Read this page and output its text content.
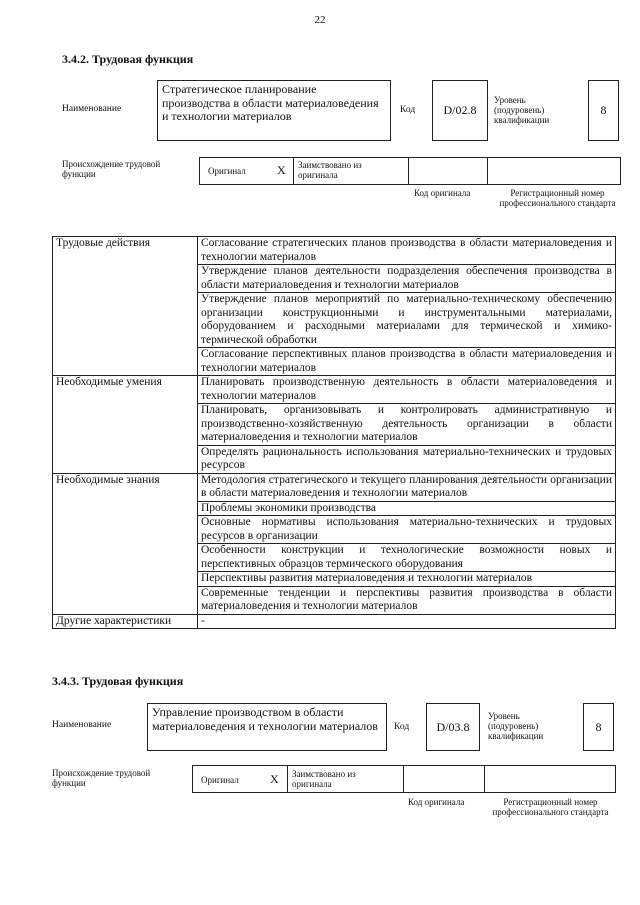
22
3.4.2. Трудовая функция
Наименование
Стратегическое планирование производства в области материаловедения и технологии материалов	Код	D/02.8
Уровень (подуровень) квалификации
8
Происхождение трудовой функции	Оригинал	X Заимствовано из оригинала
Код оригинала	Регистрационный номер профессионального стандарта
Трудовые действия	Согласование стратегических планов производства в области материаловедения и технологии материалов
	Утверждение планов деятельности подразделения обеспечения производства в области материаловедения и технологии материалов
	Утверждение планов мероприятий по материально-техническому обеспечению организации конструкционными и инструментальными материалами, оборудованием и расходными материалами для термической и химико-термической обработки
	Согласование перспективных планов производства в области материаловедения и технологии материалов
Необходимые умения	Планировать производственную деятельность в области материаловедения и технологии материалов
	Планировать, организовывать и контролировать административную и производственно-хозяйственную деятельность организации в области материаловедения и технологии материалов
	Определять рациональность использования материально-технических и трудовых ресурсов
Необходимые знания	Методология стратегического и текущего планирования деятельности организации в области материаловедения и технологии материалов
	Проблемы экономики производства
	Основные нормативы использования материально-технических и трудовых ресурсов в организации
	Особенности конструкции и технологические возможности новых и перспективных образцов термического оборудования
	Перспективы развития материаловедения и технологии материалов
	Современные тенденции и перспективы развития производства в области материаловедения и технологии материалов
Другие характеристики	-
3.4.3. Трудовая функция
Наименование
Управление производством в области материаловедения и технологии материалов	Код	D/03.8
Уровень (подуровень) квалификации
8
Происхождение трудовой функции	Оригинал	X Заимствовано из оригинала
Код оригинала	Регистрационный номер профессионального стандарта
